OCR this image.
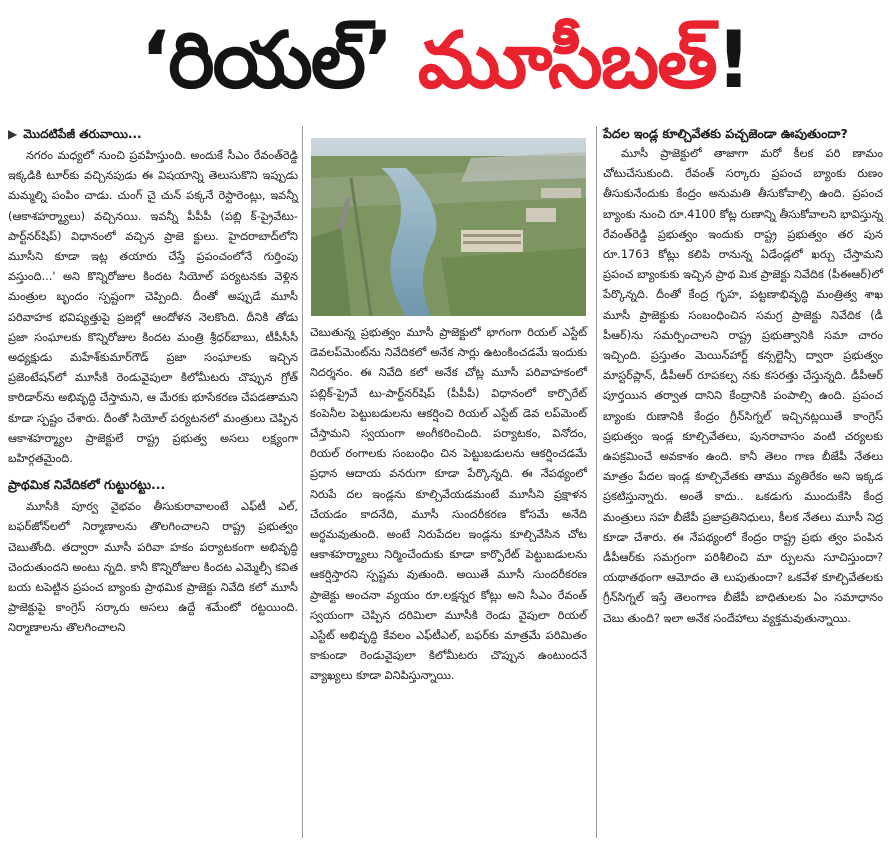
‘రియల్’ మూసీబత్ !
▶ మొదటిపేజీ తరువాయి...

నగరం మధ్యలో నుంచి ప్రవహిస్తుంది. అందుకే సీఎం రేవంత్‌రెడ్డి ఇక్కడికి టూర్‌కు వచ్చినపుడు ఈ విషయాన్ని తెలుసుకొని ఇప్పుడు మమ్మల్ని పంపిం చాడు. చుంగ్ చై చున్ పక్కనే రెస్టారెంట్లు, ఇవన్నీ (ఆకాశహర్మ్యాలు) వచ్చినయి. ఇవన్నీ పీపీపీ (పబ్లి క్-ప్రైవేటు-పార్ట్‌నర్‌షిప్) విధానంలో వచ్చిన ప్రాజె క్టులు. హైదరాబాద్‌లోని మూసీని కూడా ఇట్ల తయారు చేస్తే ప్రపంచంలోనే గుర్తింపు వస్తుంది...' అని కొన్నిరోజుల కిందట సియోల్ పర్యటనకు వెళ్లిన మంత్రుల బృందం స్పష్టంగా చెప్పింది. దీంతో అప్పుడే మూసీ పరివాహక భవిష్యత్తుపై ప్రజల్లో ఆందోళన నెలకొంది. దీనికి తోడు ప్రజా సంఘాలకు కొన్నిరోజుల కిందట మంత్రి శ్రీధర్‌బాబు, టీపీసీసీ అధ్యక్షుడు మహేశ్‌కుమార్‌గౌడ్ ప్రజా సంఘాలకు ఇచ్చిన ప్రజెంటేషన్‌లో మూసీకి రెండువైపులా కిలోమీటరు చొప్పున గ్రోత్ కారిడార్‌ను అభివృద్ధి చేస్తామని, ఆ మేరకు భూసేకరణ చేపడతామని కూడా స్పష్టం చేశారు. దీంతో సియోల్ పర్యటనలో మంత్రులు చెప్పిన ఆకాశహర్మ్యాల ప్రాజెక్టులే రాష్ట్ర ప్రభుత్వ అసలు లక్ష్యంగా బహిర్గతమైంది.

ప్రాథమిక నివేదికలో గుట్టురట్టు...

మూసీకి పూర్వ వైభవం తీసుకురావాలంటే ఎఫ్‌టీ ఎల్, బఫర్‌జోన్‌లలో నిర్మాణాలను తొలగించాలని రాష్ట్ర ప్రభుత్వం చెబుతోంది. తద్వారా మూసీ పరివా హకం పర్యాటకంగా అభివృద్ధి చెందుతుందని అంటు న్నది. కానీ కొన్నిరోజుల కిందట ఎమ్మెల్సీ కవిత బయ టపెట్టిన ప్రపంచ బ్యాంకు ప్రాథమిక ప్రాజెక్టు నివేది కలో మూసీ ప్రాజెక్టుపై కాంగ్రెస్ సర్కారు అసలు ఉద్దే శమేంటో రట్టయింది. నిర్మాణాలను తొలగించాలని

చెబుతున్న ప్రభుత్వం మూసీ ప్రాజెక్టులో భాగంగా రియల్ ఎస్టేట్ డెవలప్‌మెంట్‌ను నివేదికలో అనేక సార్లు ఉటంకించడమే ఇందుకు నిదర్శనం. ఈ నివేది కలో అనేక చోట్ల మూసీ పరివాహకంలో పబ్లిక్-ప్రైవే టు-పార్ట్‌నర్‌షిప్ (పీపీపీ) విధానంలో కార్పొరేట్ కంపెనీల పెట్టుబడులను ఆకర్షించి రియల్ ఎస్టేట్ డెవ లప్‌మెంట్ చేస్తామని స్వయంగా అంగీకరించింది. పర్యాటకం, వినోదం, రియల్ రంగాలకు సంబంధిం చిన పెట్టుబడులను ఆకర్షించడమే ప్రధాన ఆదాయ వనరుగా కూడా పేర్కొన్నది. ఈ నేపథ్యంలో నిరుపే దల ఇండ్లను కూల్చివేయడమంటే మూసీని ప్రక్షాళన చేయడం కాదనేది, మూసీ సుందరీకరణ కోసమే అనేది అర్థమవుతుంది. అంటే నిరుపేదల ఇండ్లను కూల్చివేసిన చోట ఆకాశహర్మ్యాలు నిర్మించేందుకు కూడా కార్పొరేట్ పెట్టుబడులను ఆకర్షిస్తారని స్పష్టమ వుతుంది. అయితే మూసీ సుందరీకరణ ప్రాజెక్టు అంచనా వ్యయం రూ.లక్షన్నర కోట్లు అని సీఎం రేవంత్ స్వయంగా చెప్పిన దరిమిలా మూసీకి రెండు వైపులా రియల్ ఎస్టేట్ అభివృద్ధి కేవలం ఎఫ్‌టీఎల్, బఫర్‌కు మాత్రమే పరిమితం కాకుండా రెండువైపులా కిలోమీటరు చొప్పున ఉంటుందనే వ్యాఖ్యలు కూడా వినిపిస్తున్నాయి.

పేదల ఇండ్ల కూల్చివేతకు పచ్చజెండా ఊపుతుందా?

మూసీ ప్రాజెక్టులో తాజాగా మరో కీలక పరి ణామం చోటుచేసుకుంది. రేవంత్ సర్కారు ప్రపంచ బ్యాంకు రుణం తీసుకునేందుకు కేంద్రం అనుమతి తీసుకోవాల్సి ఉంది. ప్రపంచ బ్యాంకు నుంచి రూ.4100 కోట్ల రుణాన్ని తీసుకోవాలని భావిస్తున్న రేవంత్‌రెడ్డి ప్రభుత్వం ఇందుకు రాష్ట్ర ప్రభుత్వం తర పున రూ.1763 కోట్లు కలిపి రానున్న ఏడేండ్లలో ఖర్చు చేస్తామని ప్రపంచ బ్యాంకుకు ఇచ్చిన ప్రాథ మిక ప్రాజెక్టు నివేదిక (పీఈఆర్)లో పేర్కొన్నది. దీంతో కేంద్ర గృహ, పట్టణాభివృద్ధి మంత్రిత్వ శాఖ మూసీ ప్రాజెక్టుకు సంబంధించిన సమగ్ర ప్రాజెక్టు నివేదిక (డీ పీఆర్)ను సమర్పించాలని రాష్ట్ర ప్రభుత్వానికి సమా చారం ఇచ్చింది. ప్రస్తుతం మెయిన్‌హార్ట్ కన్సల్టెన్సీ ద్వారా ప్రభుత్వం మాస్టర్‌ప్లాన్, డీపీఆర్ రూపకల్ప నకు కసరత్తు చేస్తున్నది. డీపీఆర్ పూర్తయిన తర్వాత దానిని కేంద్రానికి పంపాల్సి ఉంది. ప్రపంచ బ్యాంకు రుణానికి కేంద్రం గ్రీన్‌సిగ్నల్ ఇచ్చినట్లయితే కాంగ్రెస్ ప్రభుత్వం ఇండ్ల కూల్చివేతలు, పునరావాసం వంటి చర్యలకు ఉపక్రమించే అవకాశం ఉంది. కానీ తెలం గాణ బీజేపీ నేతలు మాత్రం పేదల ఇండ్ల కూల్చివేతకు తాము వ్యతిరేకం అని ఇక్కడ ప్రకటిస్తున్నారు. అంతే కాదు.. ఒకడుగు ముందుకేసి కేంద్ర మంత్రులు సహ బీజేపీ ప్రజాప్రతినిధులు, కీలక నేతలు మూసీ నిద్ర కూడా చేశారు. ఈ నేపథ్యంలో కేంద్రం రాష్ట్ర ప్రభు త్వం పంపిన డీపీఆర్‌కు సమగ్రంగా పరిశీలించి మా ర్పులను సూచిస్తుందా? యథాతథంగా ఆమోదం తె లుపుతుందా? ఒకవేళ కూల్చివేతలకు గ్రీన్‌సిగ్నల్ ఇస్తే తెలంగాణ బీజేపీ బాధితులకు ఏం సమాధానం చెబు తుంది? ఇలా అనేక సందేహాలు వ్యక్తమవుతున్నాయి.
